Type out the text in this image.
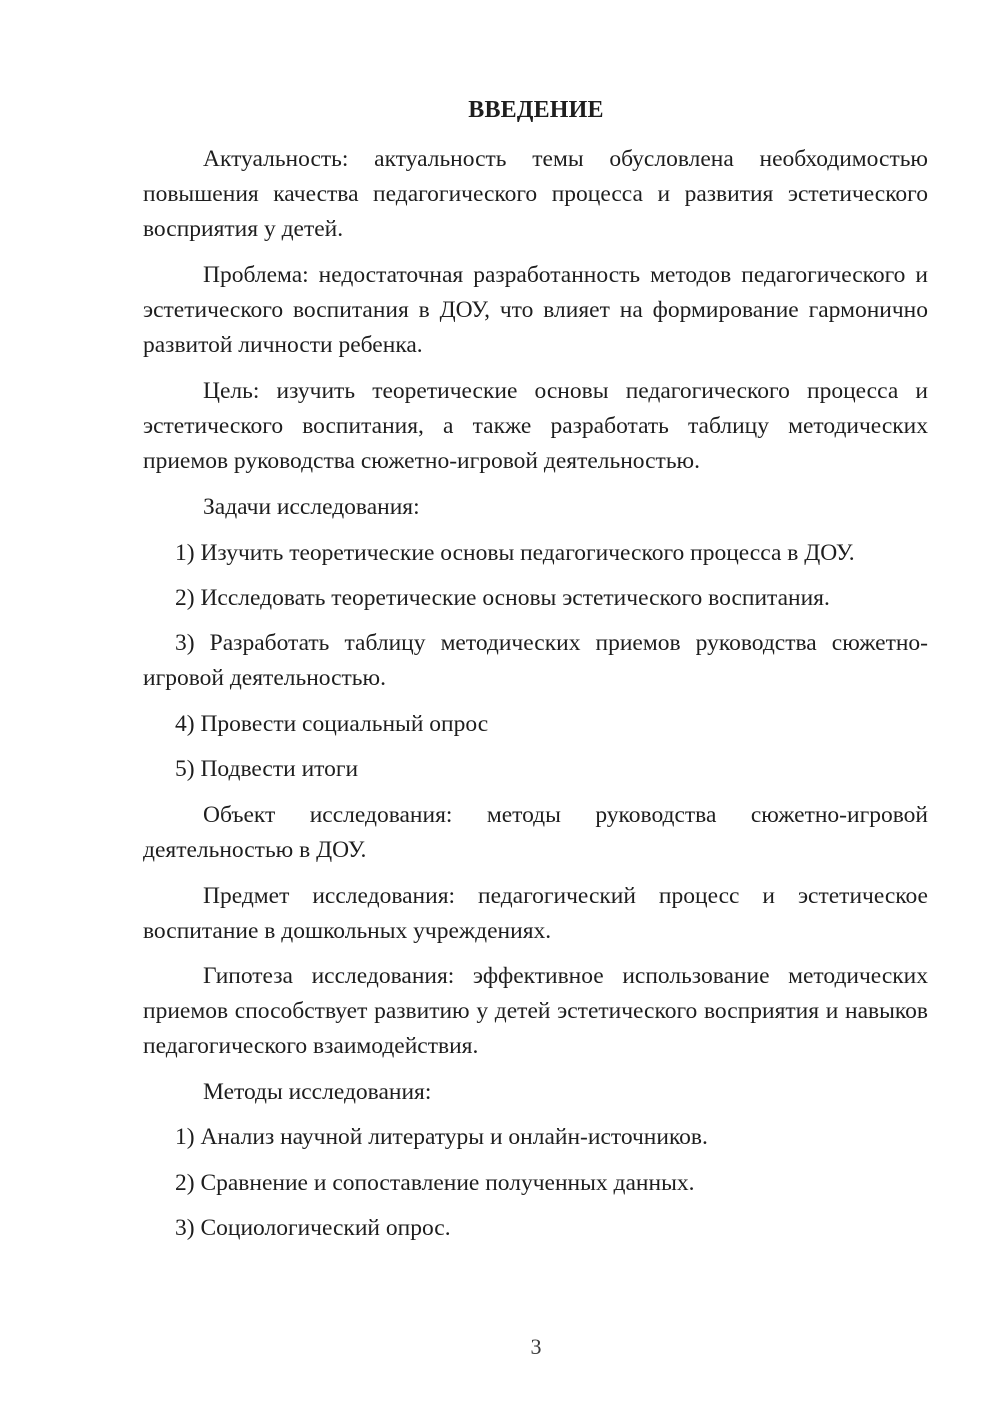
ВВЕДЕНИЕ

Актуальность: актуальность темы обусловлена необходимостью повышения качества педагогического процесса и развития эстетического восприятия у детей.

Проблема: недостаточная разработанность методов педагогического и эстетического воспитания в ДОУ, что влияет на формирование гармонично развитой личности ребенка.

Цель: изучить теоретические основы педагогического процесса и эстетического воспитания, а также разработать таблицу методических приемов руководства сюжетно-игровой деятельностью.

Задачи исследования:

1) Изучить теоретические основы педагогического процесса в ДОУ.

2) Исследовать теоретические основы эстетического воспитания.

3) Разработать таблицу методических приемов руководства сюжетно-игровой деятельностью.

4) Провести социальный опрос

5) Подвести итоги

Объект исследования: методы руководства сюжетно-игровой деятельностью в ДОУ.

Предмет исследования: педагогический процесс и эстетическое воспитание в дошкольных учреждениях.

Гипотеза исследования: эффективное использование методических приемов способствует развитию у детей эстетического восприятия и навыков педагогического взаимодействия.

Методы исследования:

1) Анализ научной литературы и онлайн-источников.

2) Сравнение и сопоставление полученных данных.

3) Социологический опрос.

3
